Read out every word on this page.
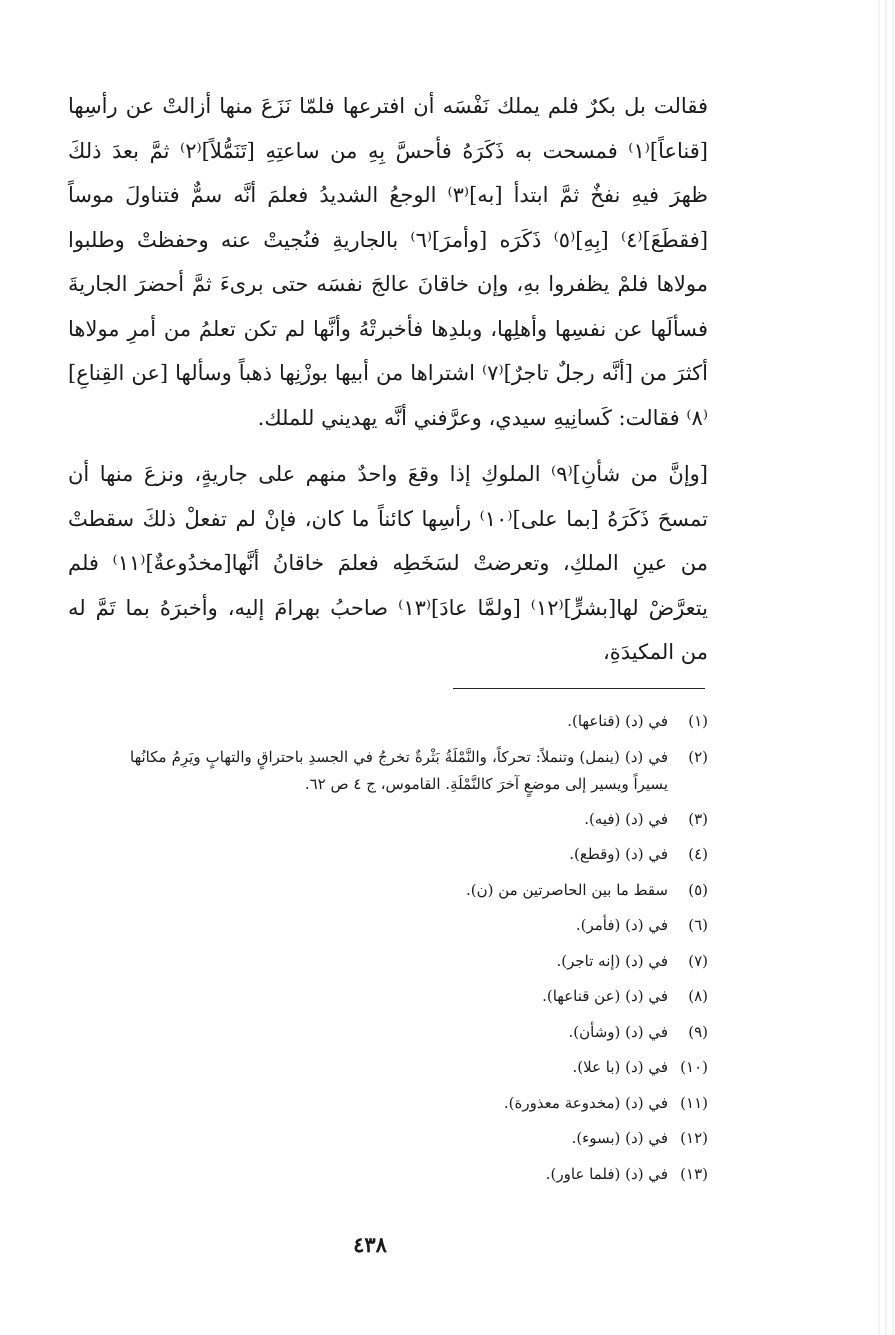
فقالت بل بكرٌ فلم يملك نَفْسَه أن افترعها فلمّا نَزَعَ منها أزالتْ عن رأسِها [قناعاً]⁽١⁾ فمسحت به ذَكَرَهُ فأحسَّ بِهِ من ساعتِهِ [تَنَمُّلاً]⁽٢⁾ ثمَّ بعدَ ذلكَ ظهرَ فيهِ نفخٌ ثمَّ ابتدأ [به]⁽٣⁾ الوجعُ الشديدُ فعلمَ أنَّه سمٌّ فتناولَ موساً [فقطَعَ]⁽٤⁾ [بِهِ]⁽٥⁾ ذَكَرَه [وأمرَ]⁽٦⁾ بالجاريةِ فنُجيتْ عنه وحفظتْ وطلبوا مولاها فلمْ يظفروا بهِ، وإن خاقانَ عالجَ نفسَه حتى برىءَ ثمَّ أحضرَ الجاريةَ فسألَها عن نفسِها وأهلِها، وبلدِها فأخبرتْهُ وأنَّها لم تكن تعلمُ من أمرِ مولاها أكثرَ من [أنَّه رجلٌ تاجرٌ]⁽٧⁾ اشتراها من أبيها بوزْنِها ذهباً وسألها [عن القِناعِ]⁽٨⁾ فقالت: كَسانِيهِ سيدي، وعرَّفني أنَّه يهديني للملك.

[وإنَّ من شأنِ]⁽٩⁾ الملوكِ إذا وقعَ واحدٌ منهم على جاريةٍ، ونزعَ منها أن تمسحَ ذَكَرَهُ [بما على]⁽١٠⁾ رأسِها كائناً ما كان، فإنْ لم تفعلْ ذلكَ سقطتْ من عينِ الملكِ، وتعرضتْ لسَخَطِه فعلمَ خاقانُ أنَّها[مخدُوعةٌ]⁽١١⁾ فلم يتعرَّضْ لها[بشرٍّ]⁽١٢⁾ [ولمَّا عادَ]⁽١٣⁾ صاحبُ بهرامَ إليه، وأخبرَهُ بما تَمَّ له من المكيدَةِ،

(١)
في (د) (قناعها).
(٢)
في (د) (ينمل) وتنملاً: تحركاً، والنَّمْلَةُ بَثْرةٌ تخرجُ في الجسدِ باحتراقٍ والتهابٍ ويَرِمُ مكانُها يسيراً ويسير إلى موضعٍ آخرَ كالنَّمْلَةِ. القاموس، ج ٤ ص ٦٢.
(٣)
في (د) (فيه).
(٤)
في (د) (وقطع).
(٥)
سقط ما بين الحاصرتين من (ن).
(٦)
في (د) (فأمر).
(٧)
في (د) (إنه تاجر).
(٨)
في (د) (عن قناعها).
(٩)
في (د) (وشأن).
(١٠)
في (د) (با علا).
(١١)
في (د) (مخدوعة معذورة).
(١٢)
في (د) (بسوء).
(١٣)
في (د) (فلما عاور).
٤٣٨
